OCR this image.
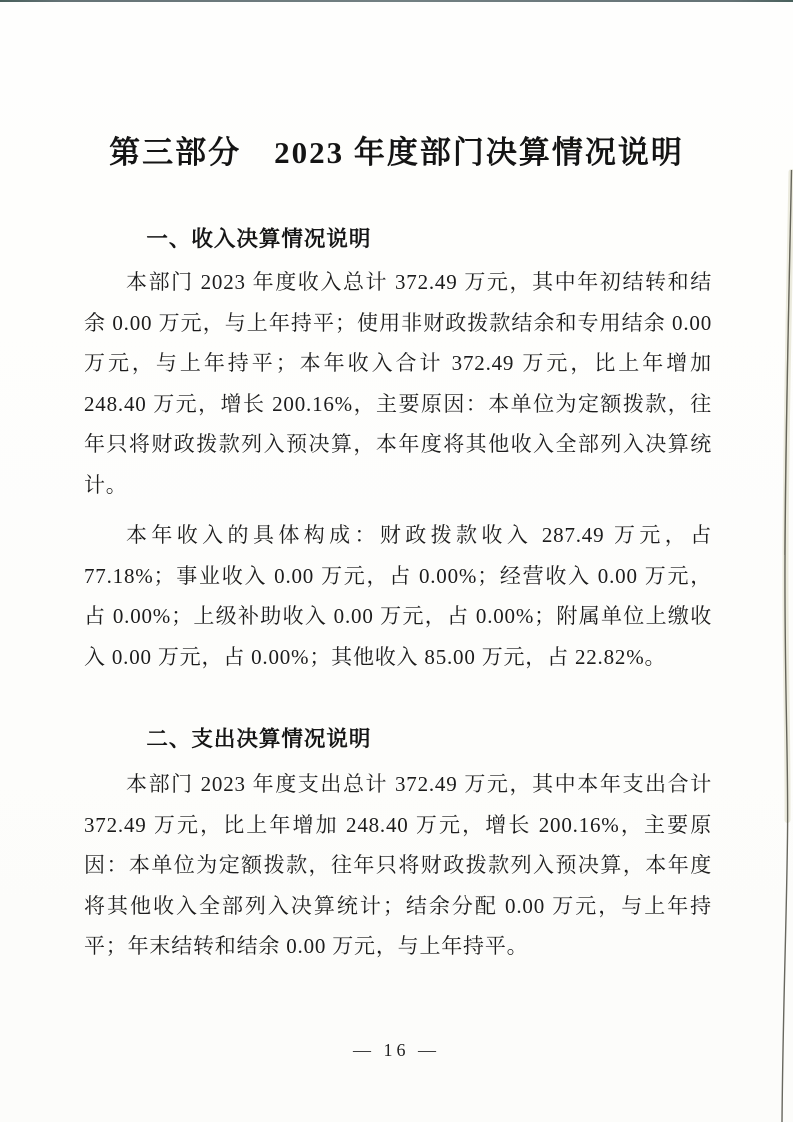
第三部分　2023 年度部门决算情况说明
一、收入决算情况说明

本部门 2023 年度收入总计 372.49 万元，其中年初结转和结余 0.00 万元，与上年持平；使用非财政拨款结余和专用结余 0.00 万元，与上年持平；本年收入合计 372.49 万元，比上年增加 248.40 万元，增长 200.16%，主要原因：本单位为定额拨款，往年只将财政拨款列入预决算，本年度将其他收入全部列入决算统计。

本年收入的具体构成：财政拨款收入 287.49 万元，占 77.18%；事业收入 0.00 万元，占 0.00%；经营收入 0.00 万元，占 0.00%；上级补助收入 0.00 万元，占 0.00%；附属单位上缴收入 0.00 万元，占 0.00%；其他收入 85.00 万元，占 22.82%。

二、支出决算情况说明

本部门 2023 年度支出总计 372.49 万元，其中本年支出合计 372.49 万元，比上年增加 248.40 万元，增长 200.16%，主要原因：本单位为定额拨款，往年只将财政拨款列入预决算，本年度将其他收入全部列入决算统计；结余分配 0.00 万元，与上年持平；年末结转和结余 0.00 万元，与上年持平。

— 16 —
